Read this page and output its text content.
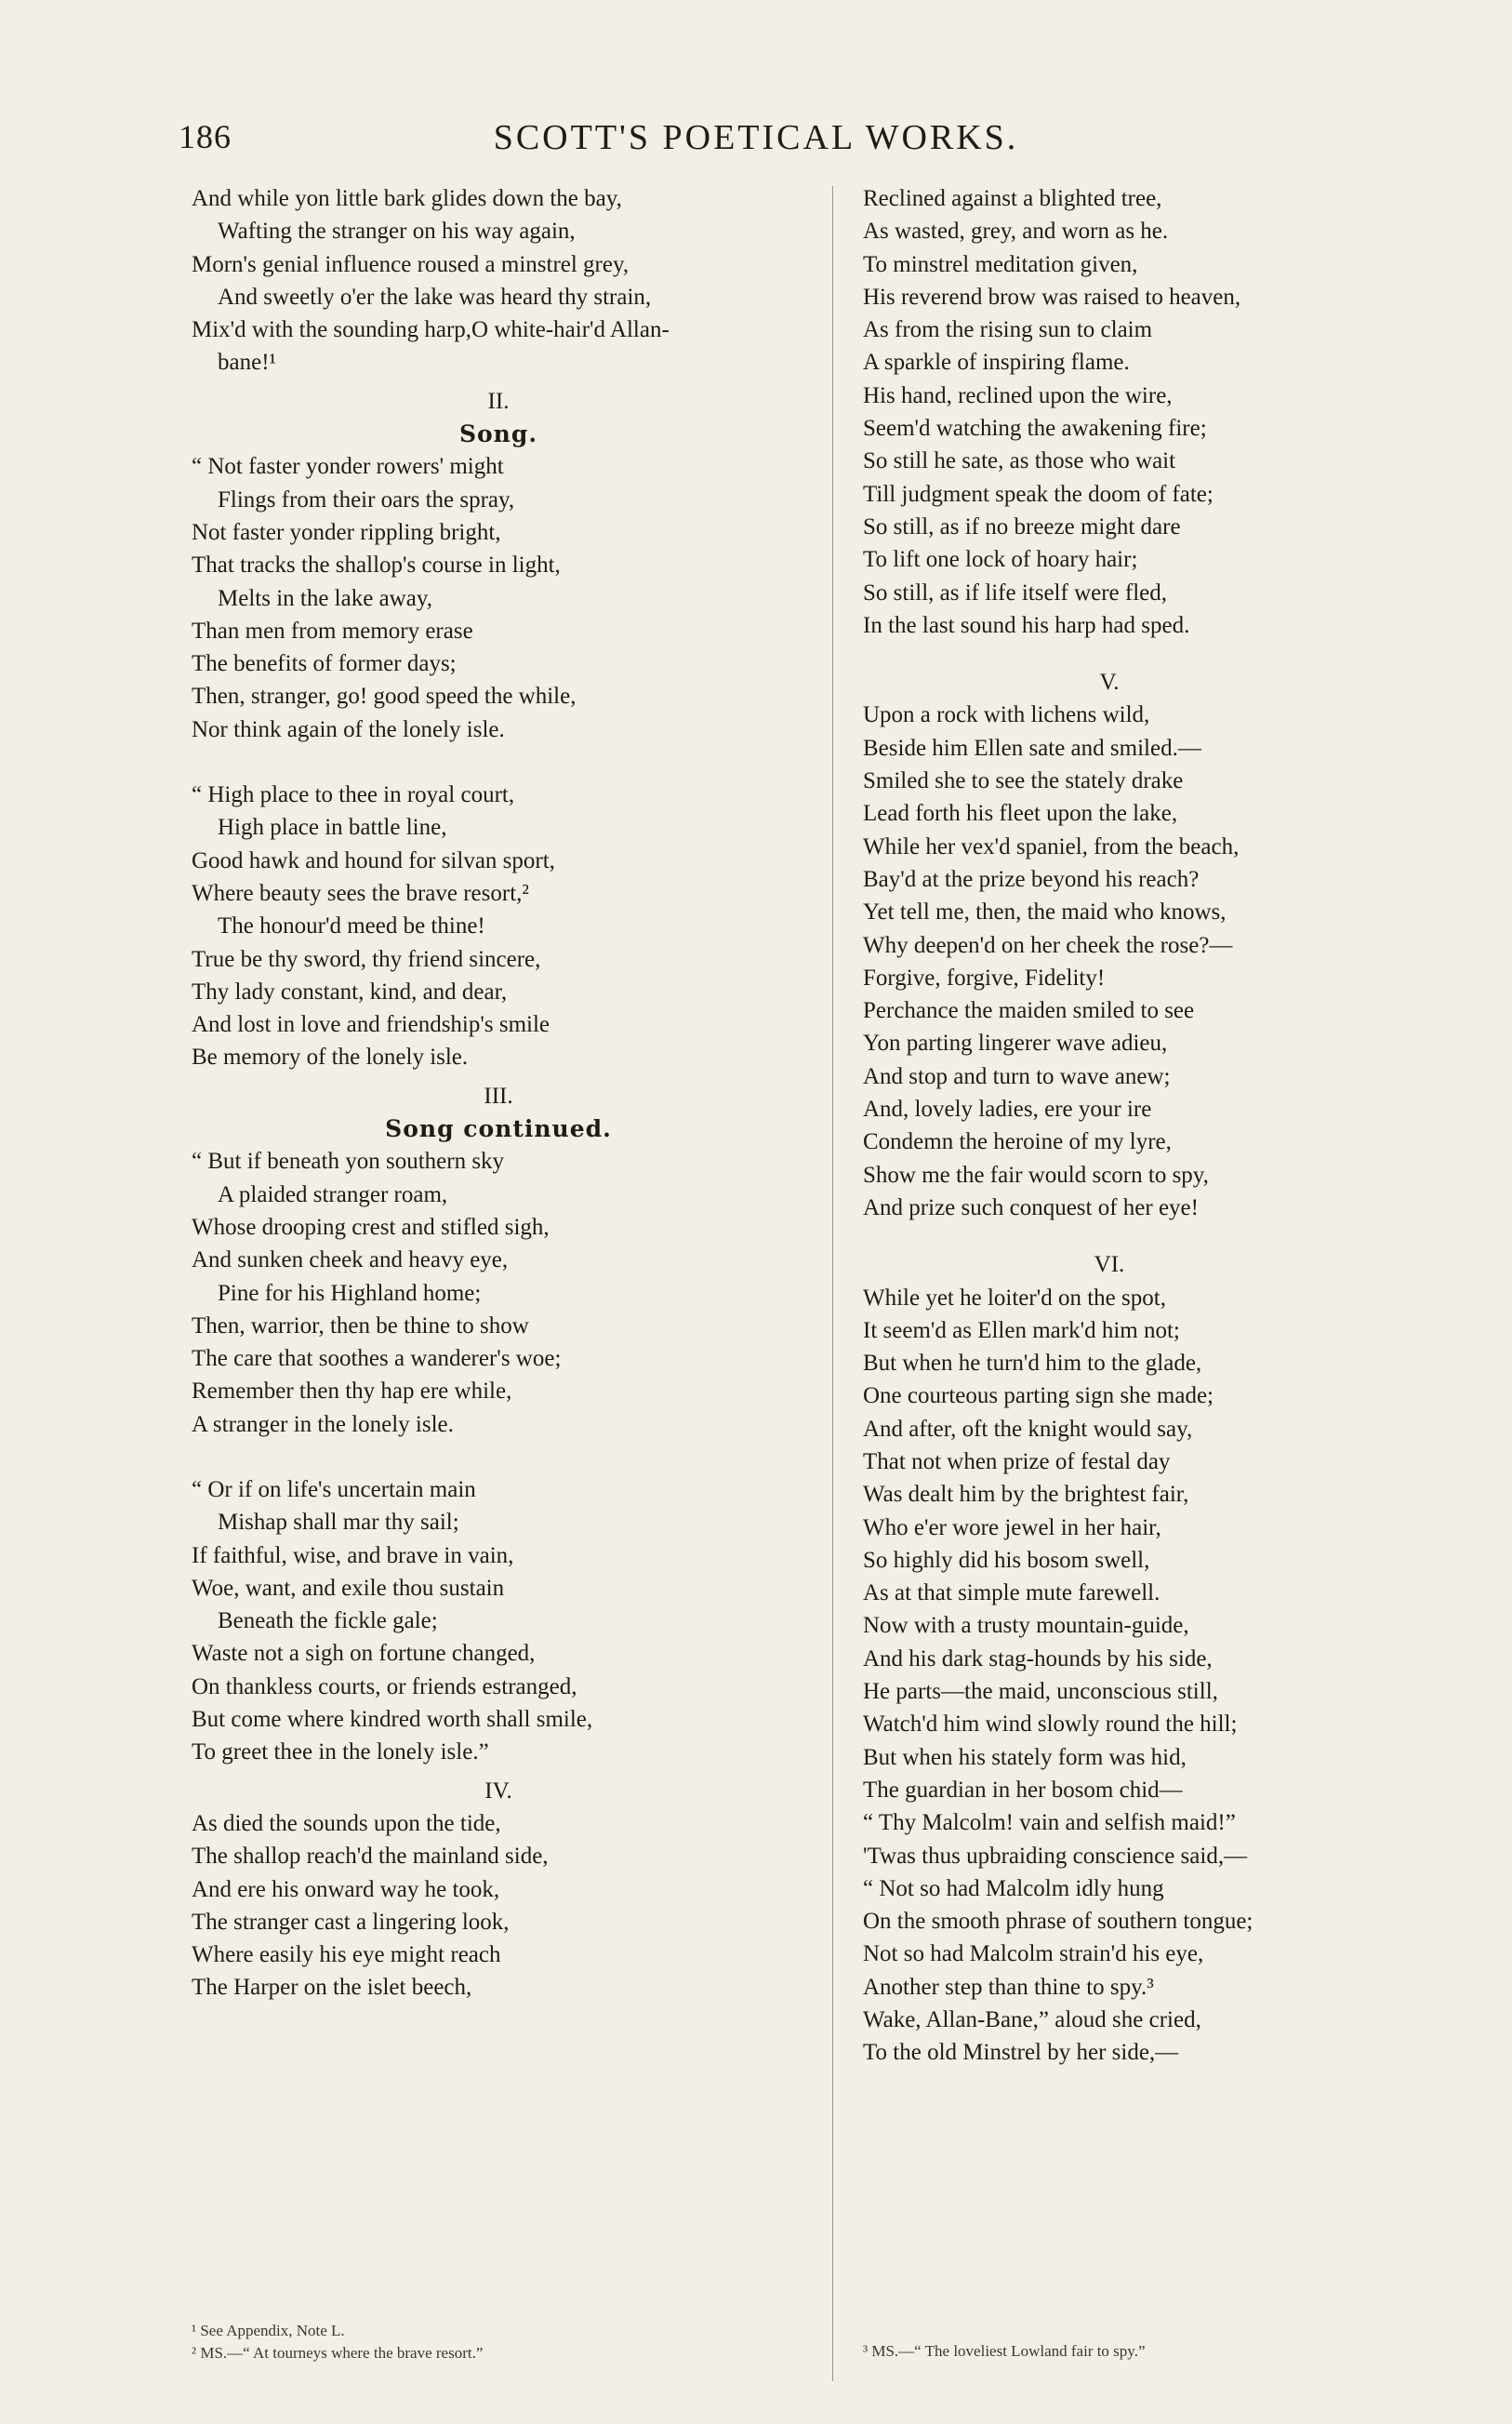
186	SCOTT'S POETICAL WORKS.
And while yon little bark glides down the bay,
Wafting the stranger on his way again,
Morn's genial influence roused a minstrel grey,
And sweetly o'er the lake was heard thy strain,
Mix'd with the sounding harp,O white-hair'd Allan-
bane!¹
II.
Song.
“ Not faster yonder rowers' might
Flings from their oars the spray,
Not faster yonder rippling bright,
That tracks the shallop's course in light,
Melts in the lake away,
Than men from memory erase
The benefits of former days;
Then, stranger, go! good speed the while,
Nor think again of the lonely isle.
“ High place to thee in royal court,
High place in battle line,
Good hawk and hound for silvan sport,
Where beauty sees the brave resort,²
The honour'd meed be thine!
True be thy sword, thy friend sincere,
Thy lady constant, kind, and dear,
And lost in love and friendship's smile
Be memory of the lonely isle.
III.
Song continued.
“ But if beneath yon southern sky
A plaided stranger roam,
Whose drooping crest and stifled sigh,
And sunken cheek and heavy eye,
Pine for his Highland home;
Then, warrior, then be thine to show
The care that soothes a wanderer's woe;
Remember then thy hap ere while,
A stranger in the lonely isle.
“ Or if on life's uncertain main
Mishap shall mar thy sail;
If faithful, wise, and brave in vain,
Woe, want, and exile thou sustain
Beneath the fickle gale;
Waste not a sigh on fortune changed,
On thankless courts, or friends estranged,
But come where kindred worth shall smile,
To greet thee in the lonely isle.”
IV.
As died the sounds upon the tide,
The shallop reach'd the mainland side,
And ere his onward way he took,
The stranger cast a lingering look,
Where easily his eye might reach
The Harper on the islet beech,
Reclined against a blighted tree,
As wasted, grey, and worn as he.
To minstrel meditation given,
His reverend brow was raised to heaven,
As from the rising sun to claim
A sparkle of inspiring flame.
His hand, reclined upon the wire,
Seem'd watching the awakening fire;
So still he sate, as those who wait
Till judgment speak the doom of fate;
So still, as if no breeze might dare
To lift one lock of hoary hair;
So still, as if life itself were fled,
In the last sound his harp had sped.
V.
Upon a rock with lichens wild,
Beside him Ellen sate and smiled.—
Smiled she to see the stately drake
Lead forth his fleet upon the lake,
While her vex'd spaniel, from the beach,
Bay'd at the prize beyond his reach?
Yet tell me, then, the maid who knows,
Why deepen'd on her cheek the rose?—
Forgive, forgive, Fidelity!
Perchance the maiden smiled to see
Yon parting lingerer wave adieu,
And stop and turn to wave anew;
And, lovely ladies, ere your ire
Condemn the heroine of my lyre,
Show me the fair would scorn to spy,
And prize such conquest of her eye!
VI.
While yet he loiter'd on the spot,
It seem'd as Ellen mark'd him not;
But when he turn'd him to the glade,
One courteous parting sign she made;
And after, oft the knight would say,
That not when prize of festal day
Was dealt him by the brightest fair,
Who e'er wore jewel in her hair,
So highly did his bosom swell,
As at that simple mute farewell.
Now with a trusty mountain-guide,
And his dark stag-hounds by his side,
He parts—the maid, unconscious still,
Watch'd him wind slowly round the hill;
But when his stately form was hid,
The guardian in her bosom chid—
“ Thy Malcolm! vain and selfish maid!”
'Twas thus upbraiding conscience said,—
“ Not so had Malcolm idly hung
On the smooth phrase of southern tongue;
Not so had Malcolm strain'd his eye,
Another step than thine to spy.³
Wake, Allan-Bane,” aloud she cried,
To the old Minstrel by her side,—
¹ See Appendix, Note L.
² MS.—“ At tourneys where the brave resort.”	³ MS.—“ The loveliest Lowland fair to spy.”
